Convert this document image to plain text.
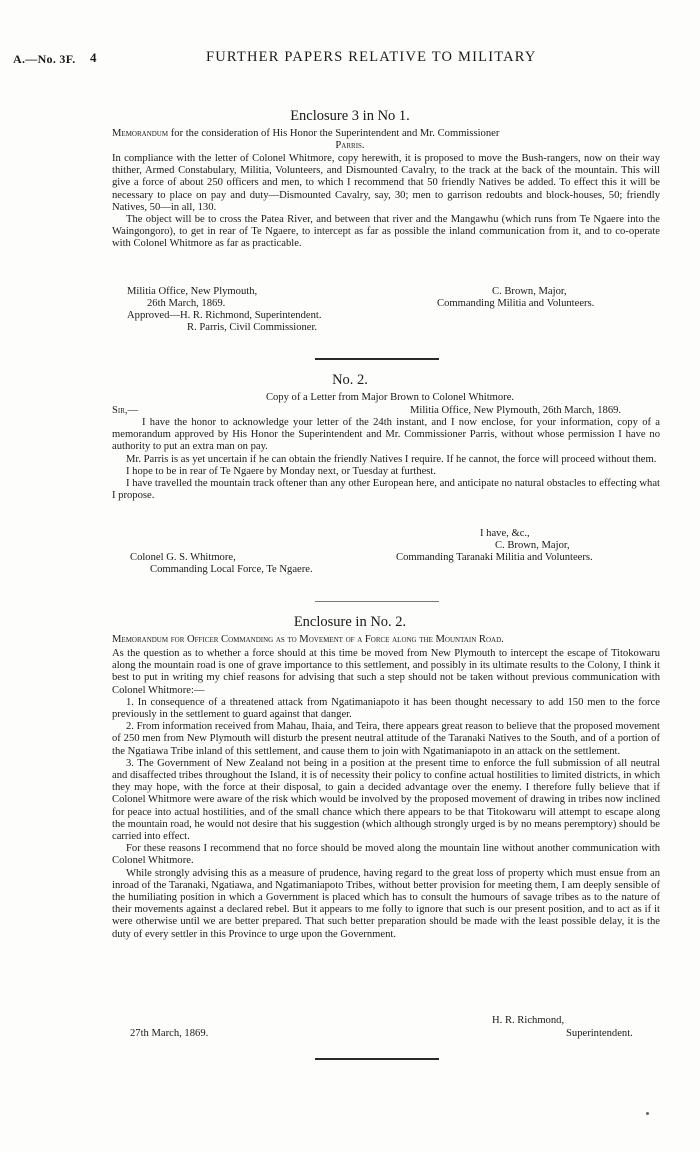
A.—No. 3F. 4	FURTHER PAPERS RELATIVE TO MILITARY
Enclosure 3 in No 1.
Memorandum for the consideration of His Honor the Superintendent and Mr. Commissioner
Parris.

In compliance with the letter of Colonel Whitmore, copy herewith, it is proposed to move the Bush-rangers, now on their way thither, Armed Constabulary, Militia, Volunteers, and Dismounted Cavalry, to the track at the back of the mountain. This will give a force of about 250 officers and men, to which I recommend that 50 friendly Natives be added. To effect this it will be necessary to place on pay and duty—Dismounted Cavalry, say, 30; men to garrison redoubts and block-houses, 50; friendly Natives, 50—in all, 130.

The object will be to cross the Patea River, and between that river and the Mangawhu (which runs from Te Ngaere into the Waingongoro), to get in rear of Te Ngaere, to intercept as far as possible the inland communication from it, and to co-operate with Colonel Whitmore as far as practicable.

Militia Office, New Plymouth,
26th March, 1869.
C. Brown, Major,
Commanding Militia and Volunteers.
Approved—H. R. Richmond, Superintendent.
R. Parris, Civil Commissioner.
No. 2.
Copy of a Letter from Major Brown to Colonel Whitmore.
Sir,—	Militia Office, New Plymouth, 26th March, 1869.

I have the honor to acknowledge your letter of the 24th instant, and I now enclose, for your information, copy of a memorandum approved by His Honor the Superintendent and Mr. Commissioner Parris, without whose permission I have no authority to put an extra man on pay.

Mr. Parris is as yet uncertain if he can obtain the friendly Natives I require. If he cannot, the force will proceed without them.

I hope to be in rear of Te Ngaere by Monday next, or Tuesday at furthest.

I have travelled the mountain track oftener than any other European here, and anticipate no natural obstacles to effecting what I propose.

I have, &c.,
C. Brown, Major,
Commanding Taranaki Militia and Volunteers.
Colonel G. S. Whitmore,
Commanding Local Force, Te Ngaere.
Enclosure in No. 2.
Memorandum for Officer Commanding as to Movement of a Force along the Mountain Road.

As the question as to whether a force should at this time be moved from New Plymouth to intercept the escape of Titokowaru along the mountain road is one of grave importance to this settlement, and possibly in its ultimate results to the Colony, I think it best to put in writing my chief reasons for advising that such a step should not be taken without previous communication with Colonel Whitmore:—

1. In consequence of a threatened attack from Ngatimaniapoto it has been thought necessary to add 150 men to the force previously in the settlement to guard against that danger.

2. From information received from Mahau, Ihaia, and Teira, there appears great reason to believe that the proposed movement of 250 men from New Plymouth will disturb the present neutral attitude of the Taranaki Natives to the South, and of a portion of the Ngatiawa Tribe inland of this settlement, and cause them to join with Ngatimaniapoto in an attack on the settlement.

3. The Government of New Zealand not being in a position at the present time to enforce the full submission of all neutral and disaffected tribes throughout the Island, it is of necessity their policy to confine actual hostilities to limited districts, in which they may hope, with the force at their disposal, to gain a decided advantage over the enemy. I therefore fully believe that if Colonel Whitmore were aware of the risk which would be involved by the proposed movement of drawing in tribes now inclined for peace into actual hostilities, and of the small chance which there appears to be that Titokowaru will attempt to escape along the mountain road, he would not desire that his suggestion (which although strongly urged is by no means peremptory) should be carried into effect.

For these reasons I recommend that no force should be moved along the mountain line without another communication with Colonel Whitmore.

While strongly advising this as a measure of prudence, having regard to the great loss of property which must ensue from an inroad of the Taranaki, Ngatiawa, and Ngatimaniapoto Tribes, without better provision for meeting them, I am deeply sensible of the humiliating position in which a Government is placed which has to consult the humours of savage tribes as to the nature of their movements against a declared rebel. But it appears to me folly to ignore that such is our present position, and to act as if it were otherwise until we are better prepared. That such better preparation should be made with the least possible delay, it is the duty of every settler in this Province to urge upon the Government.

H. R. Richmond,
27th March, 1869.	Superintendent.
